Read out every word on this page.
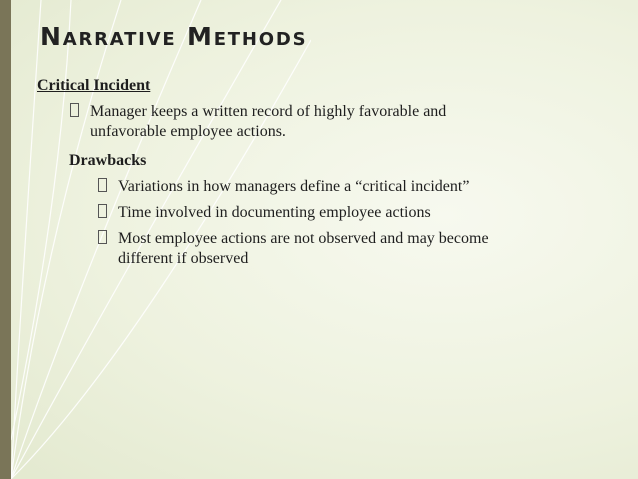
Narrative Methods
Critical Incident
Manager keeps a written record of highly favorable and unfavorable employee actions.
Drawbacks
Variations in how managers define a “critical incident”
Time involved in documenting employee actions
Most employee actions are not observed and may become different if observed
